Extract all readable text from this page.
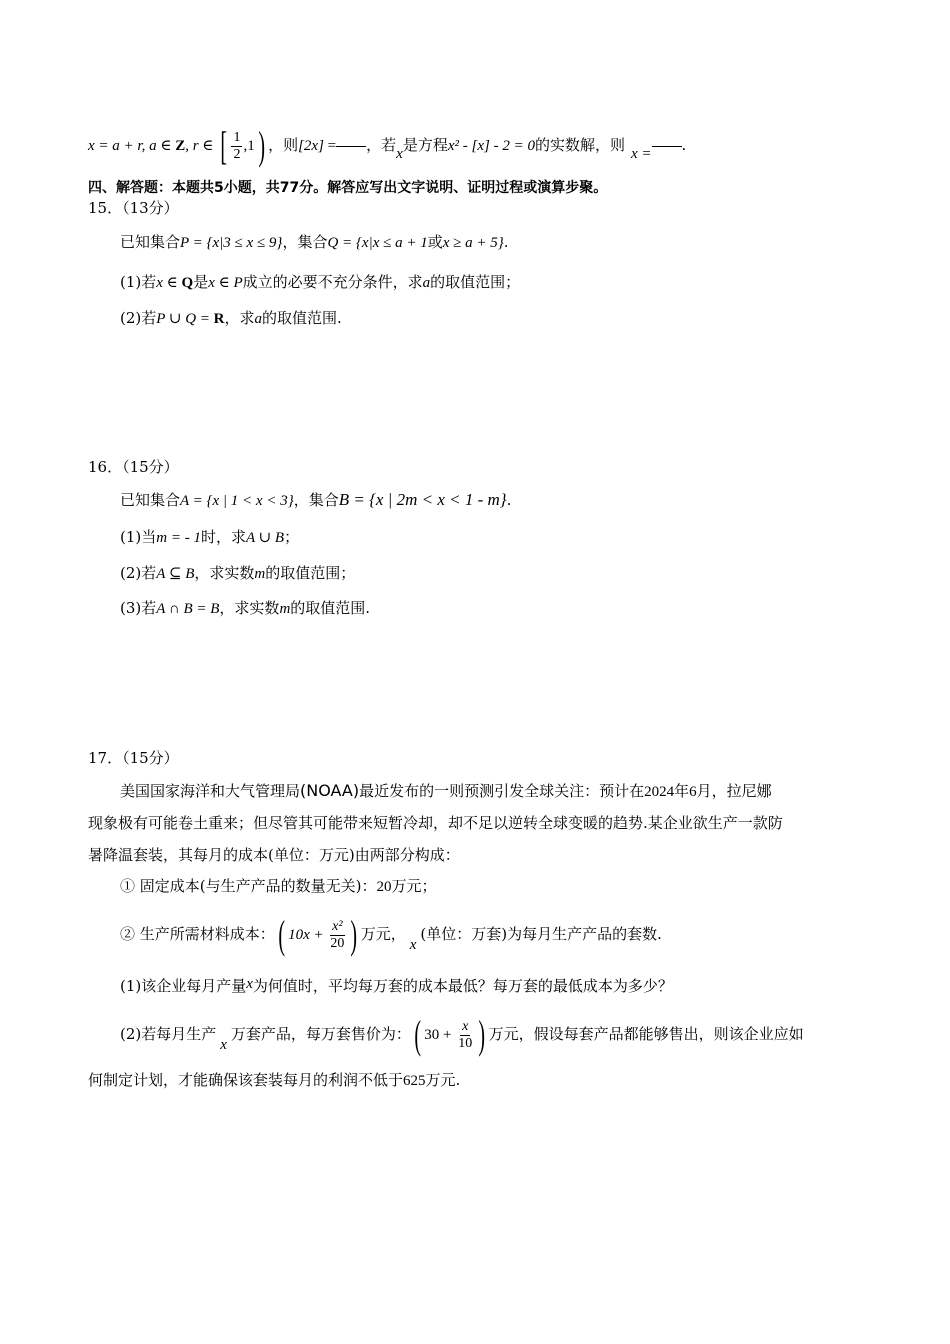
x = a + r, a ∈ Z, r ∈ [ $\frac{1}{2} ,1$) ，则[2x] = ，若x是方程x² - [x] - 2 = 0的实数解，则 x = .
四、解答题：本题共5小题，共77分。解答应写出文字说明、证明过程或演算步聚。
15．（13分）
已知集合P = {x|3 ≤ x ≤ 9}，集合Q = {x|x ≤ a + 1或x ≥ a + 5}.
(1)若x ∈ Q是x ∈ P成立的必要不充分条件，求a的取值范围；
(2)若P ∪ Q = R，求a的取值范围.
16．（15分）
已知集合A = {x | 1 < x < 3}，集合B = {x | 2m < x < 1 - m}.
(1)当m = - 1时，求A ∪ B；
(2)若A ⊆ B，求实数m的取值范围；
(3)若A ∩ B = B，求实数m的取值范围.
17．（15分）
美国国家海洋和大气管理局(NOAA)最近发布的一则预测引发全球关注：预计在2024年6月，拉尼娜
现象极有可能卷土重来；但尽管其可能带来短暂冷却，却不足以逆转全球变暖的趋势.某企业欲生产一款防
暑降温套装，其每月的成本(单位：万元)由两部分构成：
① 固定成本(与生产产品的数量无关)：20万元；
② 生产所需材料成本：( $10x + \frac{\text{x²}}{20}$ ) 万元，x(单位：万套)为每月生产产品的套数.
(1)该企业每月产量x为何值时，平均每万套的成本最低？每万套的最低成本为多少？
(2)若每月生产x万套产品，每万套售价为：( $30 + \frac{x}{10}$ ) 万元，假设每套产品都能够售出，则该企业应如
何制定计划，才能确保该套装每月的利润不低于625万元.
